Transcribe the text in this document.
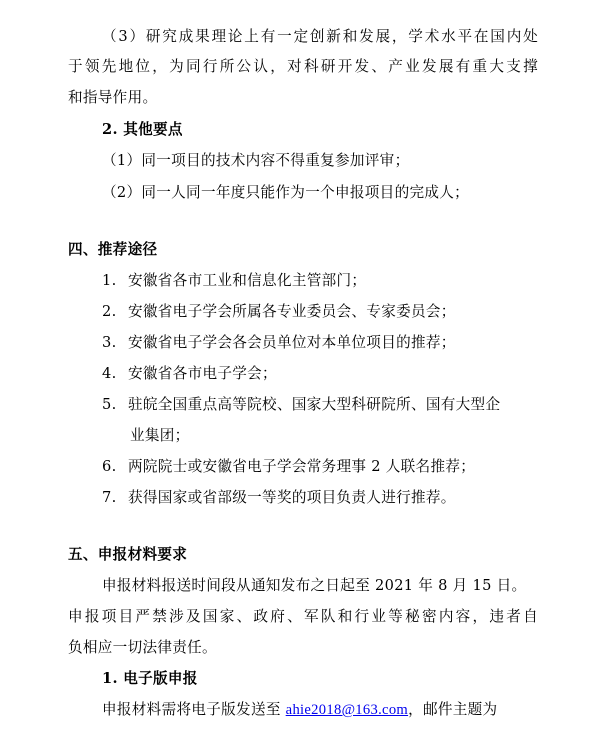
（3）研究成果理论上有一定创新和发展，学术水平在国内处
于领先地位，为同行所公认，对科研开发、产业发展有重大支撑
和指导作用。
2. 其他要点
（1）同一项目的技术内容不得重复参加评审；
（2）同一人同一年度只能作为一个申报项目的完成人；
四、推荐途径
1. 安徽省各市工业和信息化主管部门；
2. 安徽省电子学会所属各专业委员会、专家委员会；
3. 安徽省电子学会各会员单位对本单位项目的推荐；
4. 安徽省各市电子学会；
5. 驻皖全国重点高等院校、国家大型科研院所、国有大型企
业集团；
6. 两院院士或安徽省电子学会常务理事 2 人联名推荐；
7. 获得国家或省部级一等奖的项目负责人进行推荐。
五、申报材料要求
申报材料报送时间段从通知发布之日起至 2021 年 8 月 15 日。
申报项目严禁涉及国家、政府、军队和行业等秘密内容，违者自
负相应一切法律责任。
1. 电子版申报
申报材料需将电子版发送至 ahie2018@163.com，邮件主题为
